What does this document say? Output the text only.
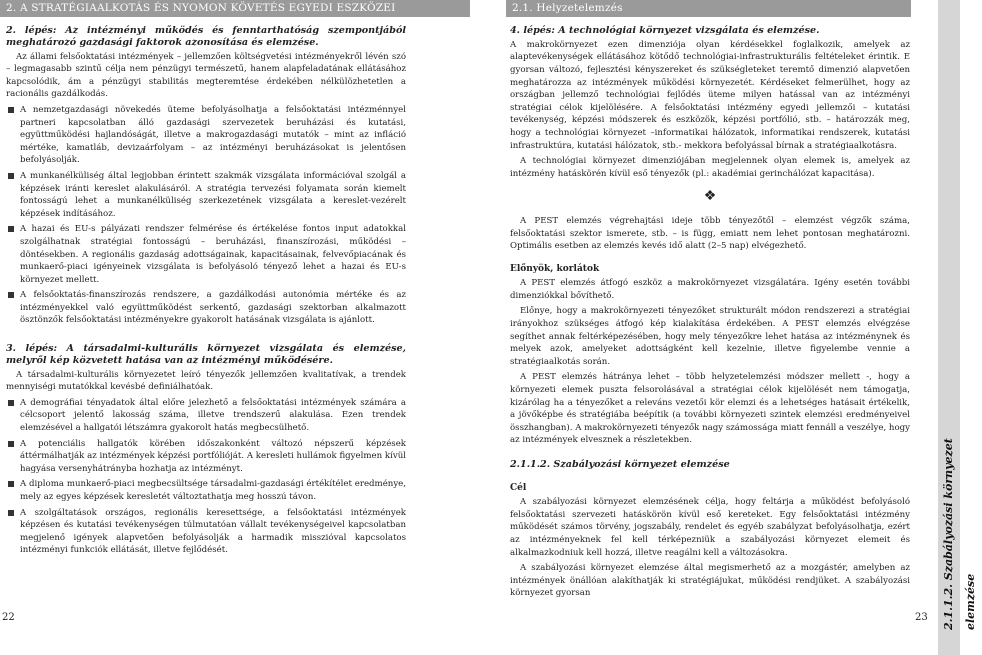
2. A STRATÉGIAALKOTÁS ÉS NYOMON KÖVETÉS EGYEDI ESZKÖZEI
2. lépés: Az intézményi működés és fenntarthatóság szempontjából meghatározó gazdasági faktorok azonosítása és elemzése.

Az állami felsőoktatási intézmények – jellemzően költségvetési intézményekről lévén szó – legmagasabb szintű célja nem pénzügyi természetű, hanem alapfeladatának ellátásához kapcsolódik, ám a pénzügyi stabilitás megteremtése érdekében nélkülözhetetlen a racionális gazdálkodás.

A nemzetgazdasági növekedés üteme befolyásolhatja a felsőoktatási intézménnyel partneri kapcsolatban álló gazdasági szervezetek beruházási és kutatási, együttműködési hajlandóságát, illetve a makrogazdasági mutatók – mint az infláció mértéke, kamatláb, devizaárfolyam – az intézményi beruházásokat is jelentősen befolyásolják.
A munkanélküliség által legjobban érintett szakmák vizsgálata információval szolgál a képzések iránti kereslet alakulásáról. A stratégia tervezési folyamata során kiemelt fontosságú lehet a munkanélküliség szerkezetének vizsgálata a kereslet-vezérelt képzések indításához.
A hazai és EU-s pályázati rendszer felmérése és értékelése fontos input adatokkal szolgálhatnak stratégiai fontosságú – beruházási, finanszírozási, működési – döntésekben. A regionális gazdaság adottságainak, kapacitásainak, felvevőpiacának és munkaerő-piaci igényeinek vizsgálata is befolyásoló tényező lehet a hazai és EU-s környezet mellett.
A felsőoktatás-finanszírozás rendszere, a gazdálkodási autonómia mértéke és az intézményekkel való együttműködést serkentő, gazdasági szektorban alkalmazott ösztönzők felsőoktatási intézményekre gyakorolt hatásának vizsgálata is ajánlott.
3. lépés: A társadalmi-kulturális környezet vizsgálata és elemzése, melyről kép közvetett hatása van az intézményi működésére.

A társadalmi-kulturális környezetet leíró tényezők jellemzően kvalitatívak, a trendek mennyiségi mutatókkal kevésbé definiálhatóak.

A demográfiai tényadatok által előre jelezhető a felsőoktatási intézmények számára a célcsoport jelentő lakosság száma, illetve trendszerű alakulása. Ezen trendek elemzésével a hallgatói létszámra gyakorolt hatás megbecsülhető.
A potenciális hallgatók körében időszakonként változó népszerű képzések áttérmálhatják az intézmények képzési portfólióját. A keresleti hullámok figyelmen kívül hagyása versenyhátrányba hozhatja az intézményt.
A diploma munkaerő-piaci megbecsültsége társadalmi-gazdasági értékítélet eredménye, mely az egyes képzések keresletét változtathatja meg hosszú távon.
A szolgáltatások országos, regionális keresettsége, a felsőoktatási intézmények képzésen és kutatási tevékenységen túlmutatóan vállalt tevékenységeivel kapcsolatban megjelenő igények alapvetően befolyásolják a harmadik misszióval kapcsolatos intézményi funkciók ellátását, illetve fejlődését.
22
2.1. Helyzetelemzés
4. lépés: A technológiai környezet vizsgálata és elemzése.

A makrokörnyezet ezen dimenziója olyan kérdésekkel foglalkozik, amelyek az alaptevékenységek ellátásához kötődő technológiai-infrastrukturális feltételeket érintik. E gyorsan változó, fejlesztési kényszereket és szükségleteket teremtő dimenzió alapvetően meghatározza az intézmények működési környezetét. Kérdéseket felmerülhet, hogy az országban jellemző technológiai fejlődés üteme milyen hatással van az intézményi stratégiai célok kijelölésére. A felsőoktatási intézmény egyedi jellemzői – kutatási tevékenység, képzési módszerek és eszközök, képzési portfólió, stb. – határozzák meg, hogy a technológiai környezet –informatikai hálózatok, informatikai rendszerek, kutatási infrastruktúra, kutatási hálózatok, stb.- mekkora befolyással bírnak a stratégiaalkotásra.

A technológiai környezet dimenziójában megjelennek olyan elemek is, amelyek az intézmény hatáskörén kívül eső tényezők (pl.: akadémiai gerinchálózat kapacitása).

❖

A PEST elemzés végrehajtási ideje több tényezőtől – elemzést végzők száma, felsőoktatási szektor ismerete, stb. – is függ, emiatt nem lehet pontosan meghatározni. Optimális esetben az elemzés kevés idő alatt (2–5 nap) elvégezhető.

Előnyök, korlátok

A PEST elemzés átfogó eszköz a makrokörnyezet vizsgálatára. Igény esetén további dimenziókkal bővíthető.

Előnye, hogy a makrokörnyezeti tényezőket strukturált módon rendszerezi a stratégiai irányokhoz szükséges átfogó kép kialakítása érdekében. A PEST elemzés elvégzése segíthet annak feltérképezésében, hogy mely tényezőkre lehet hatása az intézménynek és melyek azok, amelyeket adottságként kell kezelnie, illetve figyelembe vennie a stratégiaalkotás során.

A PEST elemzés hátránya lehet – több helyzetelemzési módszer mellett -, hogy a környezeti elemek puszta felsorolásával a stratégiai célok kijelölését nem támogatja, kizárólag ha a tényezőket a releváns vezetői kör elemzi és a lehetséges hatásait értékelik, a jövőképbe és stratégiába beépítik (a további környezeti szintek elemzési eredményeivel összhangban). A makrokörnyezeti tényezők nagy számossága miatt fennáll a veszélye, hogy az intézmények elvesznek a részletekben.

2.1.1.2. Szabályozási környezet elemzése
Cél

A szabályozási környezet elemzésének célja, hogy feltárja a működést befolyásoló felsőoktatási szervezeti hatáskörön kívül eső kereteket. Egy felsőoktatási intézmény működését számos törvény, jogszabály, rendelet és egyéb szabályzat befolyásolhatja, ezért az intézményeknek fel kell térképezniük a szabályozási környezet elemeit és alkalmazkodniuk kell hozzá, illetve reagálni kell a változásokra.

A szabályozási környezet elemzése által megismerhető az a mozgástér, amelyben az intézmények önállóan alakíthatják ki stratégiájukat, működési rendjüket. A szabályozási környezet gyorsan

23	2.1.1.2. Szabályozási környezet elemzése
